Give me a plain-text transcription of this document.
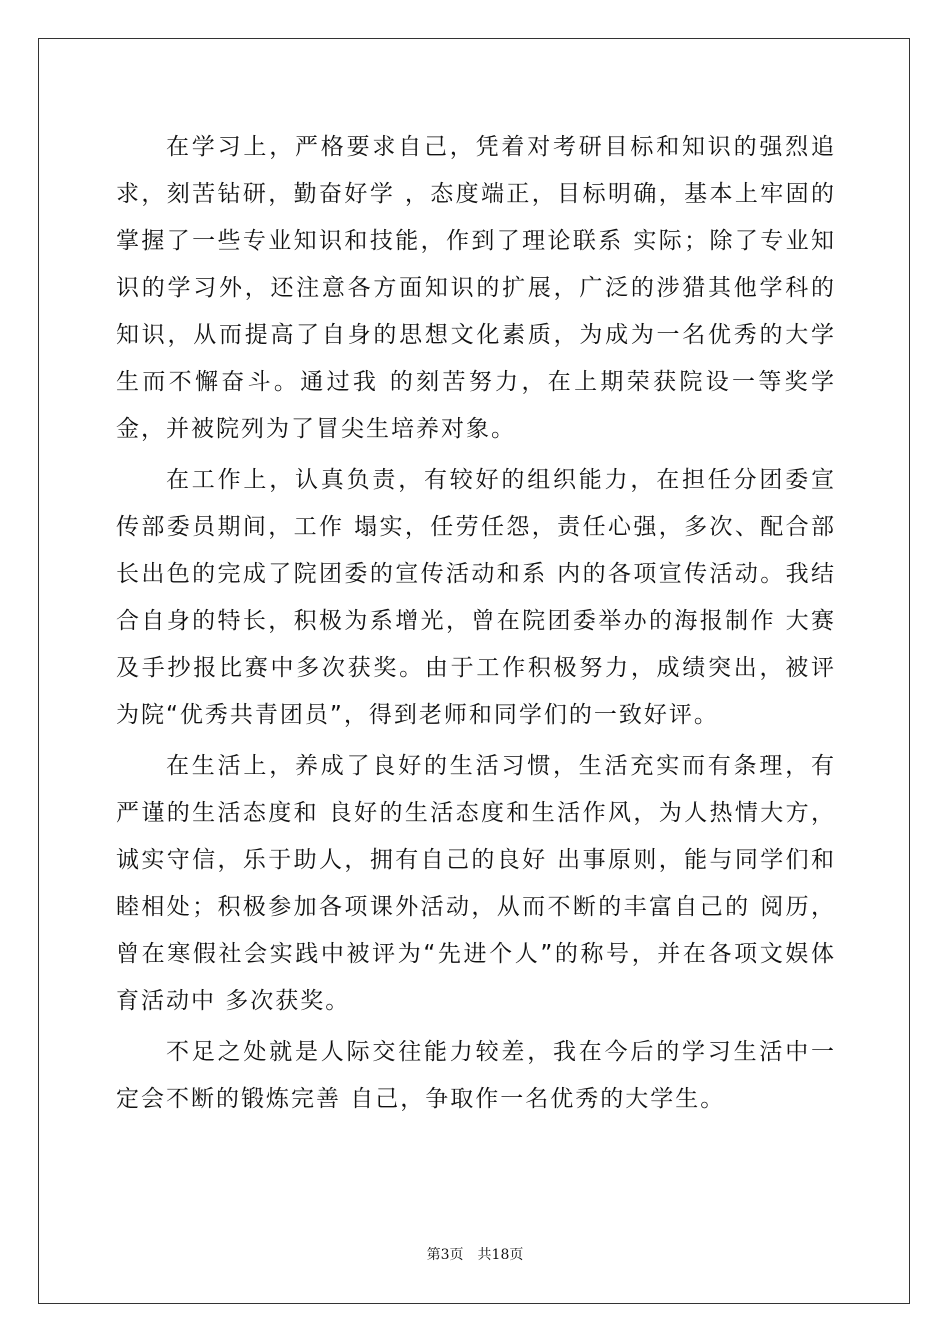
在学习上，严格要求自己，凭着对考研目标和知识的强烈追求，刻苦钻研，勤奋好学 ，态度端正，目标明确，基本上牢固的掌握了一些专业知识和技能，作到了理论联系 实际；除了专业知识的学习外，还注意各方面知识的扩展，广泛的涉猎其他学科的 知识，从而提高了自身的思想文化素质，为成为一名优秀的大学生而不懈奋斗。通过我 的刻苦努力，在上期荣获院设一等奖学金，并被院列为了冒尖生培养对象。

在工作上，认真负责，有较好的组织能力，在担任分团委宣传部委员期间，工作 塌实，任劳任怨，责任心强，多次、配合部长出色的完成了院团委的宣传活动和系 内的各项宣传活动。我结合自身的特长，积极为系增光，曾在院团委举办的海报制作 大赛及手抄报比赛中多次获奖。由于工作积极努力，成绩突出，被评为院“优秀共青团员”，得到老师和同学们的一致好评。

在生活上，养成了良好的生活习惯，生活充实而有条理，有严谨的生活态度和 良好的生活态度和生活作风，为人热情大方，诚实守信，乐于助人，拥有自己的良好 出事原则，能与同学们和睦相处；积极参加各项课外活动，从而不断的丰富自己的 阅历，曾在寒假社会实践中被评为“先进个人”的称号，并在各项文娱体育活动中 多次获奖。

不足之处就是人际交往能力较差，我在今后的学习生活中一定会不断的锻炼完善 自己，争取作一名优秀的大学生。

第3页 共18页
